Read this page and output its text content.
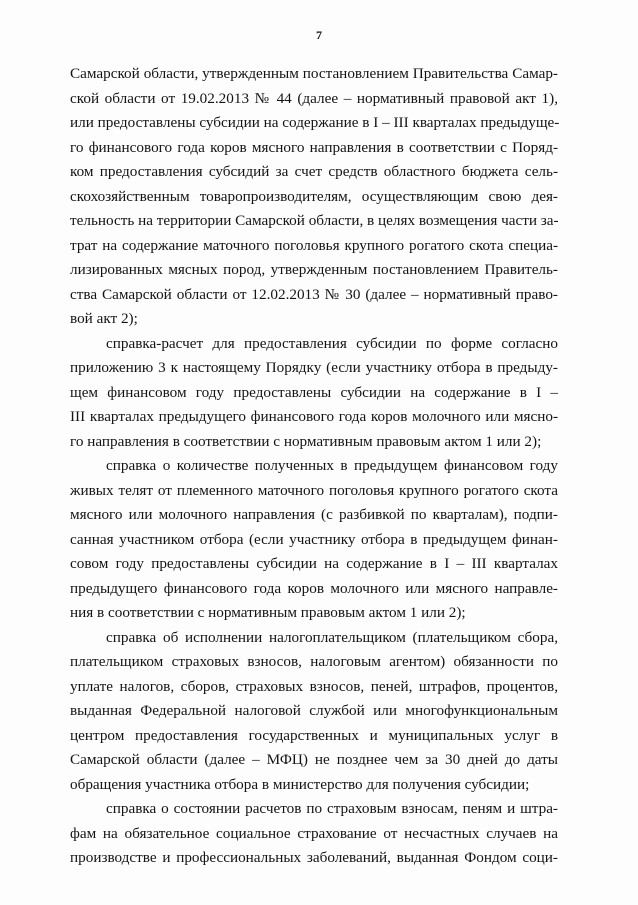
7
Самарской области, утвержденным постановлением Правительства Самар-
ской области от 19.02.2013 № 44 (далее – нормативный правовой акт 1),
или предоставлены субсидии на содержание в I – III кварталах предыдуще-
го финансового года коров мясного направления в соответствии с Поряд-
ком предоставления субсидий за счет средств областного бюджета сель-
скохозяйственным товаропроизводителям, осуществляющим свою дея-
тельность на территории Самарской области, в целях возмещения части за-
трат на содержание маточного поголовья крупного рогатого скота специа-
лизированных мясных пород, утвержденным постановлением Правитель-
ства Самарской области от 12.02.2013 № 30 (далее – нормативный право-
вой акт 2);
справка-расчет для предоставления субсидии по форме согласно
приложению 3 к настоящему Порядку (если участнику отбора в предыду-
щем финансовом году предоставлены субсидии на содержание в I –
III кварталах предыдущего финансового года коров молочного или мясно-
го направления в соответствии с нормативным правовым актом 1 или 2);
справка о количестве полученных в предыдущем финансовом году
живых телят от племенного маточного поголовья крупного рогатого скота
мясного или молочного направления (с разбивкой по кварталам), подпи-
санная участником отбора (если участнику отбора в предыдущем финан-
совом году предоставлены субсидии на содержание в I – III кварталах
предыдущего финансового года коров молочного или мясного направле-
ния в соответствии с нормативным правовым актом 1 или 2);
справка об исполнении налогоплательщиком (плательщиком сбора,
плательщиком страховых взносов, налоговым агентом) обязанности по
уплате налогов, сборов, страховых взносов, пеней, штрафов, процентов,
выданная Федеральной налоговой службой или многофункциональным
центром предоставления государственных и муниципальных услуг в
Самарской области (далее – МФЦ) не позднее чем за 30 дней до даты
обращения участника отбора в министерство для получения субсидии;
справка о состоянии расчетов по страховым взносам, пеням и штра-
фам на обязательное социальное страхование от несчастных случаев на
производстве и профессиональных заболеваний, выданная Фондом соци-
